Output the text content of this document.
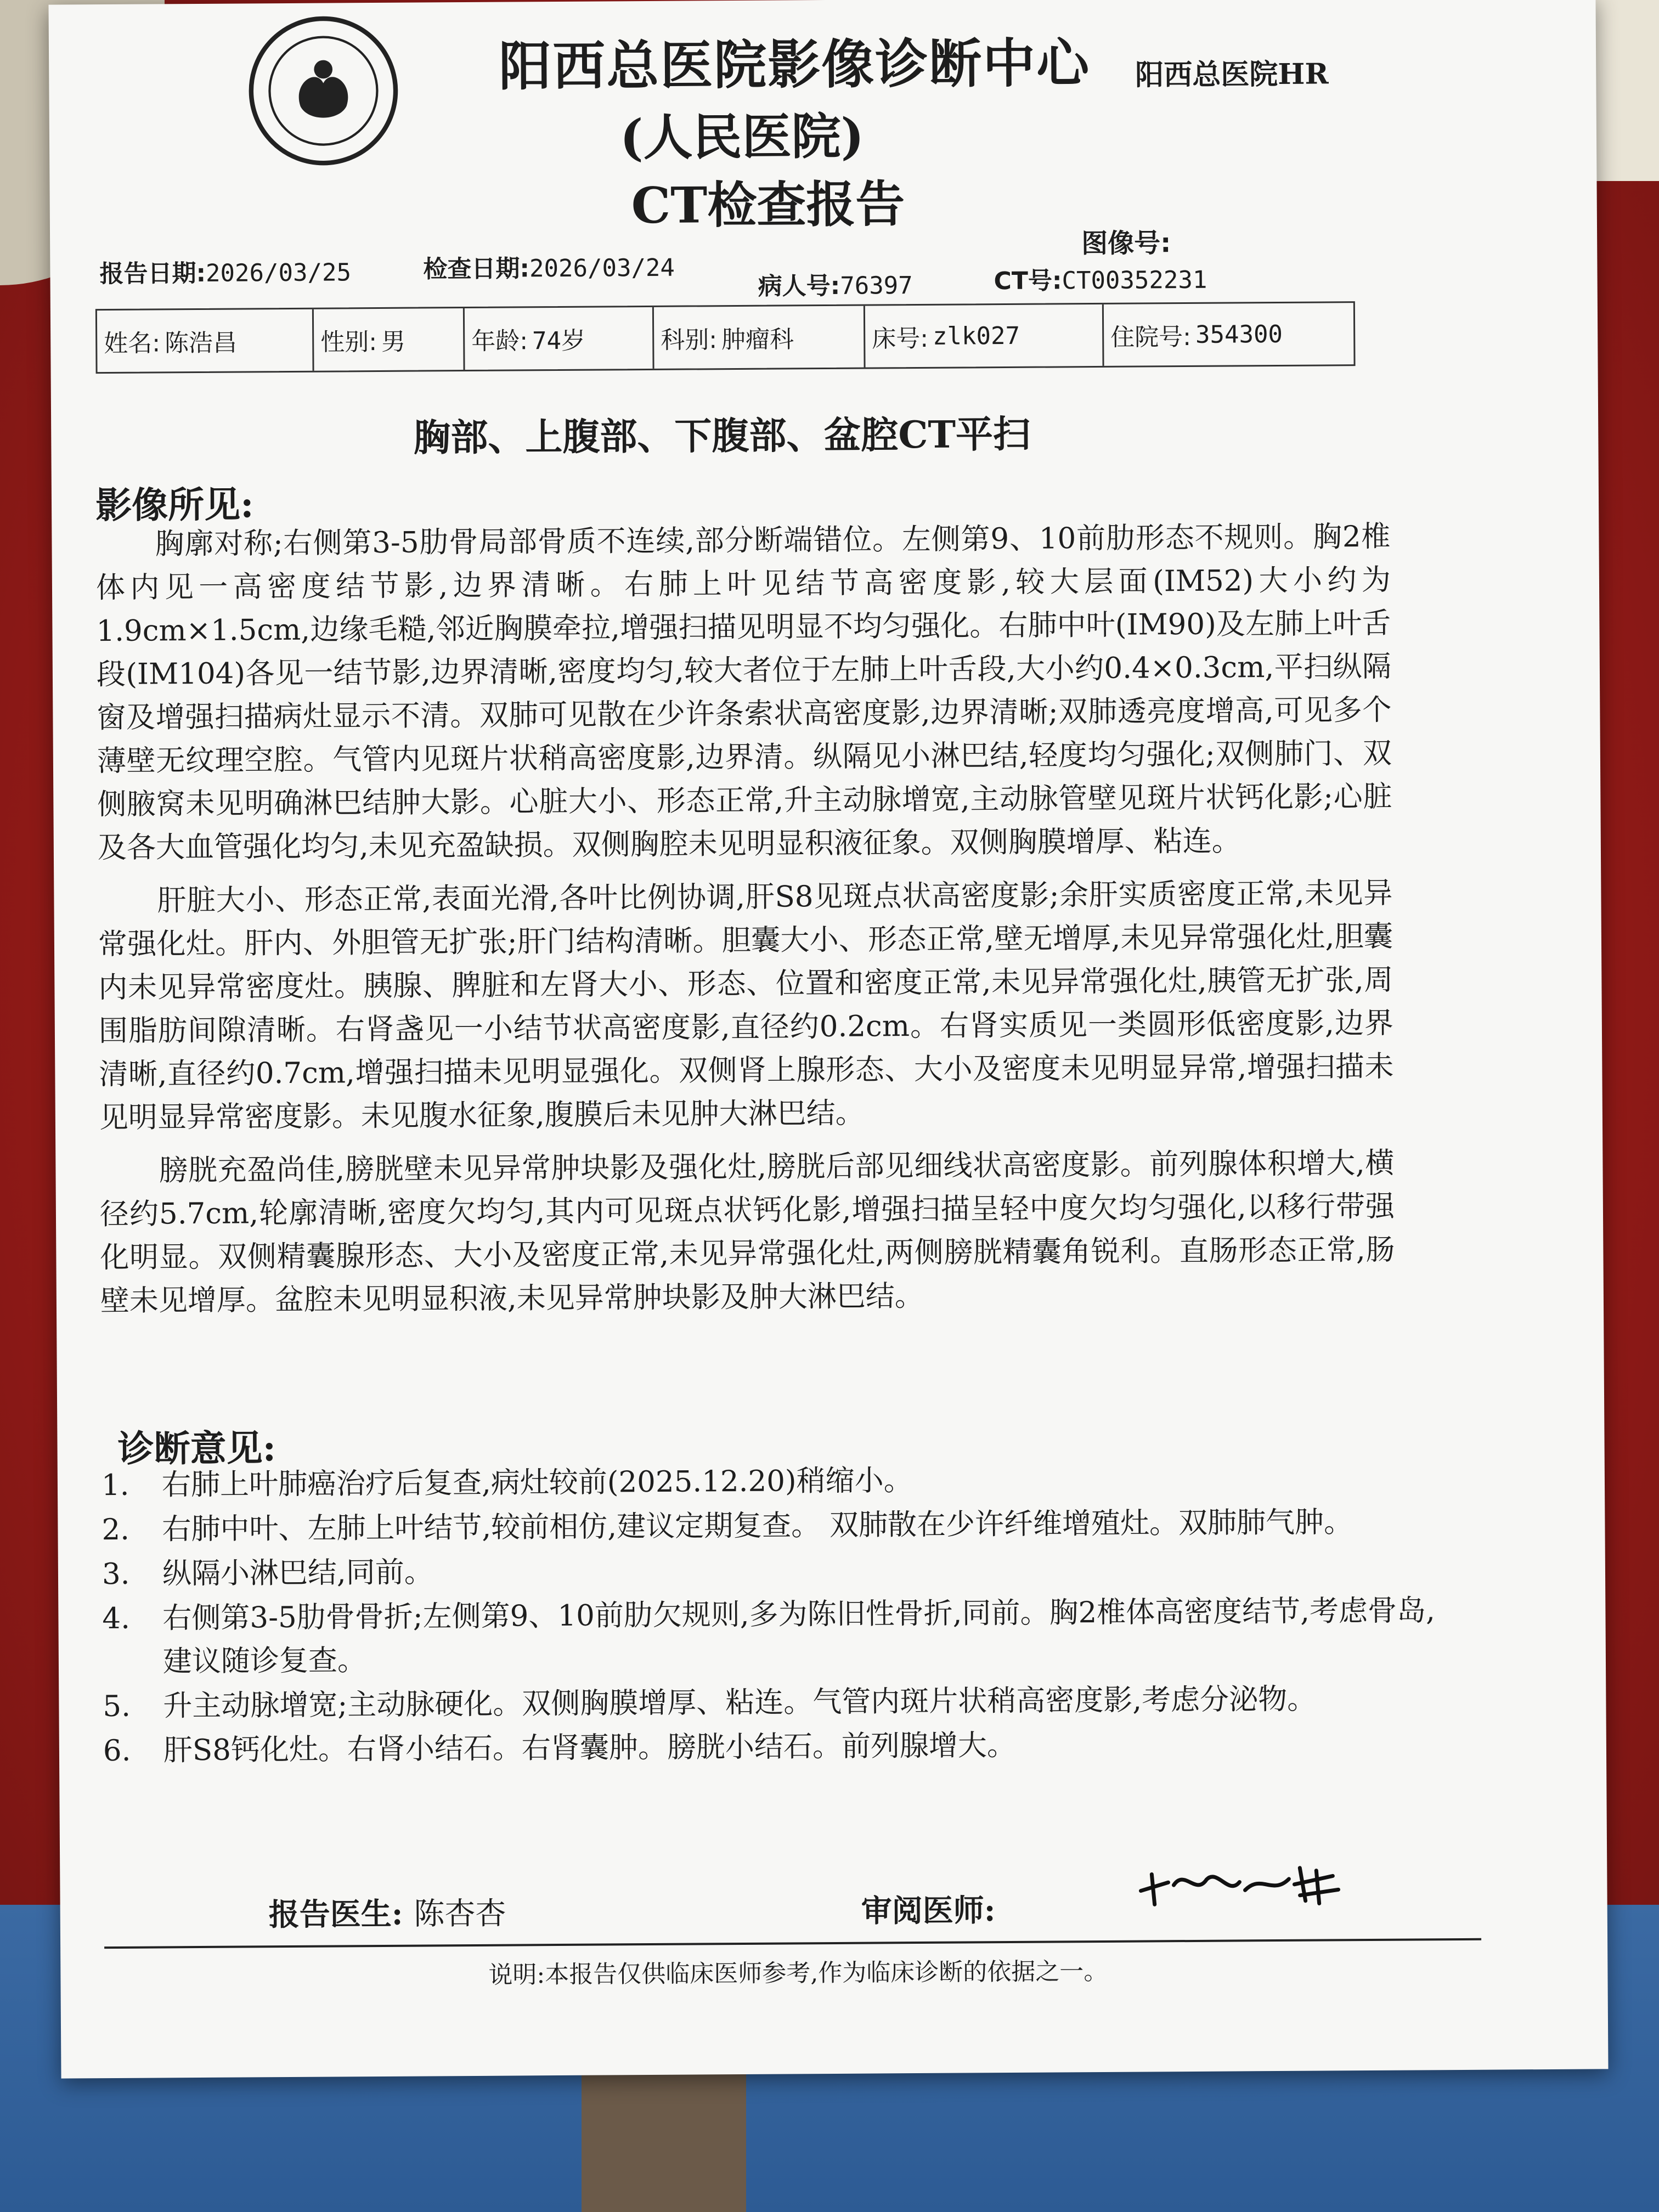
阳西总医院影像诊断中心
(人民医院)
CT检查报告
阳西总医院HR
图像号:
报告日期:2026/03/25	检查日期:2026/03/24
病人号:76397	CT号:CT00352231
姓名: 陈浩昌	性别: 男	年龄: 74岁	科别: 肿瘤科	床号: zlk027	住院号: 354300
胸部、上腹部、下腹部、盆腔CT平扫
影像所见:

胸廓对称;右侧第3-5肋骨局部骨质不连续,部分断端错位。左侧第9、10前肋形态不规则。胸2椎体内见一高密度结节影,边界清晰。右肺上叶见结节高密度影,较大层面(IM52)大小约为1.9cm×1.5cm,边缘毛糙,邻近胸膜牵拉,增强扫描见明显不均匀强化。右肺中叶(IM90)及左肺上叶舌段(IM104)各见一结节影,边界清晰,密度均匀,较大者位于左肺上叶舌段,大小约0.4×0.3cm,平扫纵隔窗及增强扫描病灶显示不清。双肺可见散在少许条索状高密度影,边界清晰;双肺透亮度增高,可见多个薄壁无纹理空腔。气管内见斑片状稍高密度影,边界清。纵隔见小淋巴结,轻度均匀强化;双侧肺门、双侧腋窝未见明确淋巴结肿大影。心脏大小、形态正常,升主动脉增宽,主动脉管壁见斑片状钙化影;心脏及各大血管强化均匀,未见充盈缺损。双侧胸腔未见明显积液征象。双侧胸膜增厚、粘连。

肝脏大小、形态正常,表面光滑,各叶比例协调,肝S8见斑点状高密度影;余肝实质密度正常,未见异常强化灶。肝内、外胆管无扩张;肝门结构清晰。胆囊大小、形态正常,壁无增厚,未见异常强化灶,胆囊内未见异常密度灶。胰腺、脾脏和左肾大小、形态、位置和密度正常,未见异常强化灶,胰管无扩张,周围脂肪间隙清晰。右肾盏见一小结节状高密度影,直径约0.2cm。右肾实质见一类圆形低密度影,边界清晰,直径约0.7cm,增强扫描未见明显强化。双侧肾上腺形态、大小及密度未见明显异常,增强扫描未见明显异常密度影。未见腹水征象,腹膜后未见肿大淋巴结。

膀胱充盈尚佳,膀胱壁未见异常肿块影及强化灶,膀胱后部见细线状高密度影。前列腺体积增大,横径约5.7cm,轮廓清晰,密度欠均匀,其内可见斑点状钙化影,增强扫描呈轻中度欠均匀强化,以移行带强化明显。双侧精囊腺形态、大小及密度正常,未见异常强化灶,两侧膀胱精囊角锐利。直肠形态正常,肠壁未见增厚。盆腔未见明显积液,未见异常肿块影及肿大淋巴结。

诊断意见:
1.	右肺上叶肺癌治疗后复查,病灶较前(2025.12.20)稍缩小。
2.	右肺中叶、左肺上叶结节,较前相仿,建议定期复查。 双肺散在少许纤维增殖灶。双肺肺气肿。
3.	纵隔小淋巴结,同前。
4.	右侧第3-5肋骨骨折;左侧第9、10前肋欠规则,多为陈旧性骨折,同前。胸2椎体高密度结节,考虑骨岛,建议随诊复查。
5.	升主动脉增宽;主动脉硬化。双侧胸膜增厚、粘连。气管内斑片状稍高密度影,考虑分泌物。
6.	肝S8钙化灶。右肾小结石。右肾囊肿。膀胱小结石。前列腺增大。
报告医生: 陈杏杏	审阅医师:
说明:本报告仅供临床医师参考,作为临床诊断的依据之一。
